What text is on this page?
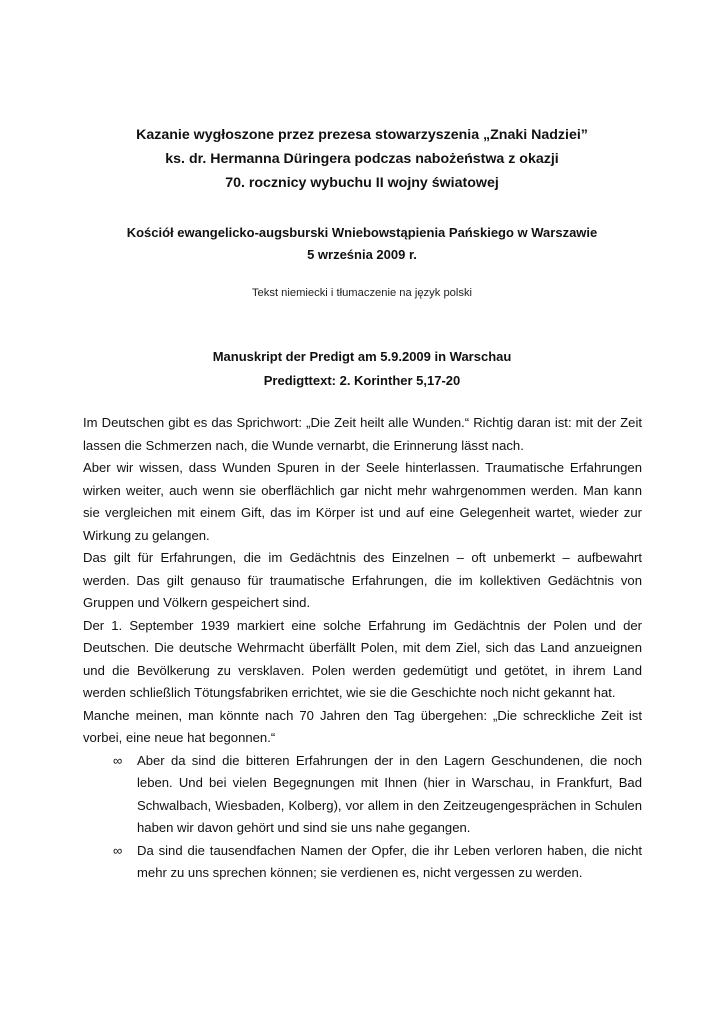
Kazanie wygłoszone przez prezesa stowarzyszenia „Znaki Nadziei”
ks. dr. Hermanna Düringera podczas nabożeństwa z okazji
70. rocznicy wybuchu II wojny światowej
Kościół ewangelicko-augsburski Wniebowstąpienia Pańskiego w Warszawie
5 września 2009 r.
Tekst niemiecki i tłumaczenie na język polski
Manuskript der Predigt am 5.9.2009 in Warschau
Predigttext: 2. Korinther 5,17-20

Im Deutschen gibt es das Sprichwort: „Die Zeit heilt alle Wunden.“ Richtig daran ist: mit der Zeit lassen die Schmerzen nach, die Wunde vernarbt, die Erinnerung lässt nach.

Aber wir wissen, dass Wunden Spuren in der Seele hinterlassen. Traumatische Erfahrungen wirken weiter, auch wenn sie oberflächlich gar nicht mehr wahrgenommen werden. Man kann sie vergleichen mit einem Gift, das im Körper ist und auf eine Gelegenheit wartet, wieder zur Wirkung zu gelangen.

Das gilt für Erfahrungen, die im Gedächtnis des Einzelnen – oft unbemerkt – aufbewahrt werden. Das gilt genauso für traumatische Erfahrungen, die im kollektiven Gedächtnis von Gruppen und Völkern gespeichert sind.

Der 1. September 1939 markiert eine solche Erfahrung im Gedächtnis der Polen und der Deutschen. Die deutsche Wehrmacht überfällt Polen, mit dem Ziel, sich das Land anzueignen und die Bevölkerung zu versklaven. Polen werden gedemütigt und getötet, in ihrem Land werden schließlich Tötungsfabriken errichtet, wie sie die Geschichte noch nicht gekannt hat.

Manche meinen, man könnte nach 70 Jahren den Tag übergehen: „Die schreckliche Zeit ist vorbei, eine neue hat begonnen.“

∞ Aber da sind die bitteren Erfahrungen der in den Lagern Geschundenen, die noch leben. Und bei vielen Begegnungen mit Ihnen (hier in Warschau, in Frankfurt, Bad Schwalbach, Wiesbaden, Kolberg), vor allem in den Zeitzeugengesprächen in Schulen haben wir davon gehört und sind sie uns nahe gegangen.
∞ Da sind die tausendfachen Namen der Opfer, die ihr Leben verloren haben, die nicht mehr zu uns sprechen können; sie verdienen es, nicht vergessen zu werden.
